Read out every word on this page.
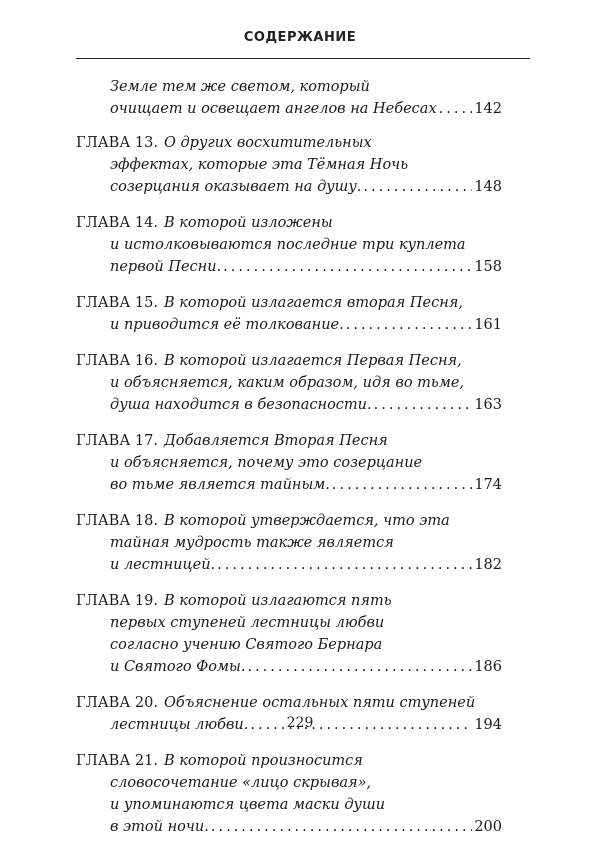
СОДЕРЖАНИЕ
Земле тем же светом, который
очищает и освещает ангелов на Небесах .....	142
ГЛАВА 13. О других восхитительных
эффектах, которые эта Тёмная Ночь
созерцания оказывает на душу. .....	148
ГЛАВА 14. В которой изложены
и истолковываются последние три куплета
первой Песни. .....	158
ГЛАВА 15. В которой излагается вторая Песня,
и приводится её толкование. .....	161
ГЛАВА 16. В которой излагается Первая Песня,
и объясняется, каким образом, идя во тьме,
душа находится в безопасности. .....	163
ГЛАВА 17. Добавляется Вторая Песня
и объясняется, почему это созерцание
во тьме является тайным. .....	174
ГЛАВА 18. В которой утверждается, что эта
тайная мудрость также является
и лестницей. .....	182
ГЛАВА 19. В которой излагаются пять
первых ступеней лестницы любви
согласно учению Святого Бернара
и Святого Фомы. .....	186
ГЛАВА 20. Объяснение остальных пяти ступеней
лестницы любви. .....	194
ГЛАВА 21. В которой произносится
словосочетание «лицо скрывая»,
и упоминаются цвета маски души
в этой ночи. .....	200
229
